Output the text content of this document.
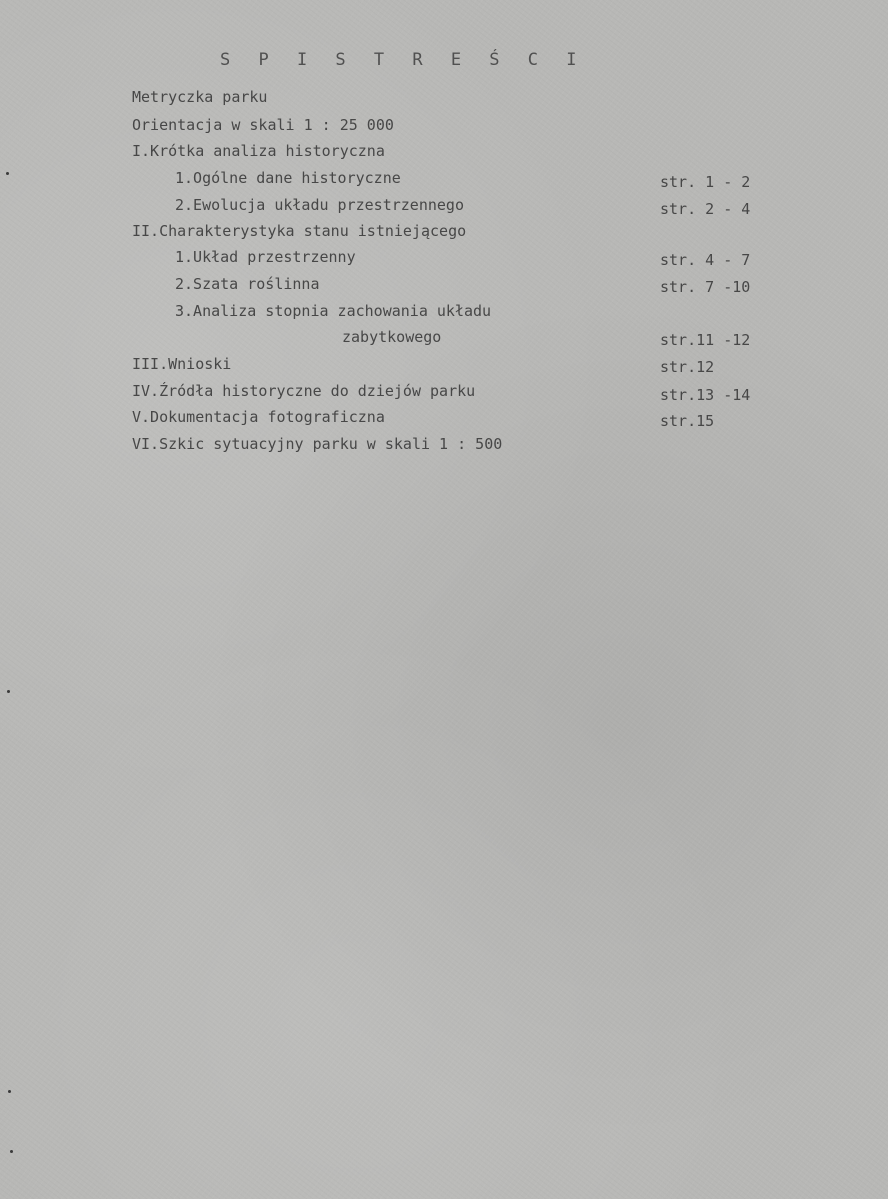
S P I S T R E Ś C I
Metryczka parku
Orientacja w skali 1 : 25 000
I.Krótka analiza historyczna
1.Ogólne dane historyczne	str. 1 - 2
2.Ewolucja układu przestrzennego	str. 2 - 4
II.Charakterystyka stanu istniejącego
1.Układ przestrzenny	str. 4 - 7
2.Szata roślinna	str. 7 -10
3.Analiza stopnia zachowania układu
zabytkowego	str.11 -12
III.Wnioski	str.12
IV.Źródła historyczne do dziejów parku	str.13 -14
V.Dokumentacja fotograficzna	str.15
VI.Szkic sytuacyjny parku w skali 1 : 500
